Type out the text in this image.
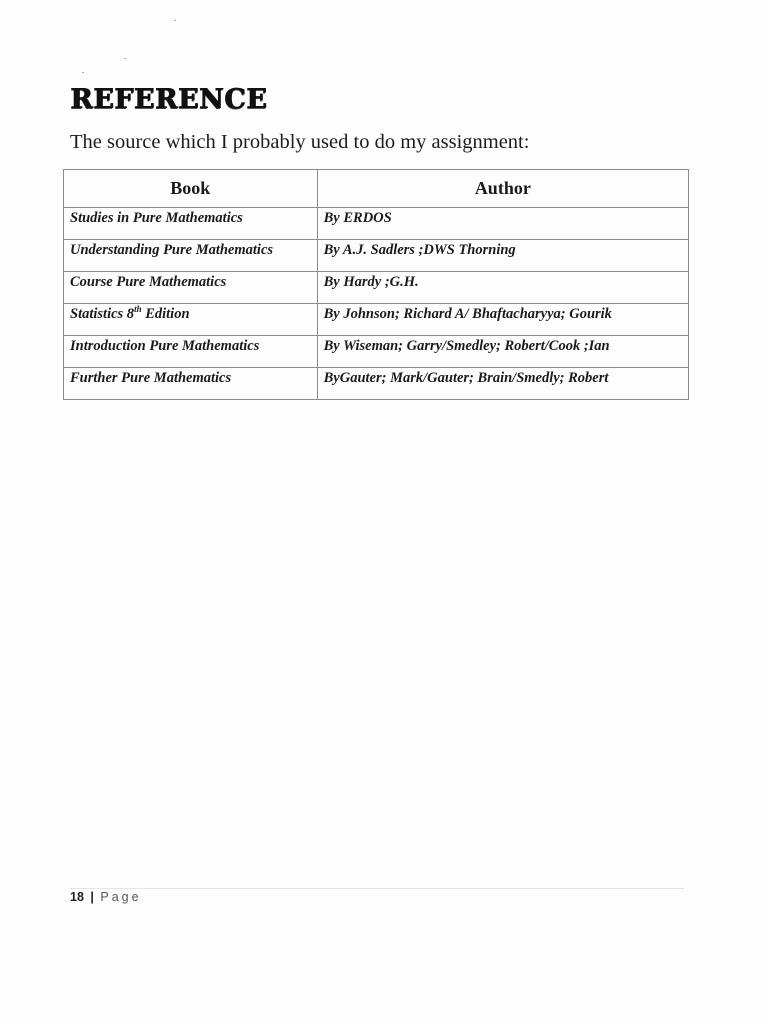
REFERENCE
The source which I probably used to do my assignment:
Book	Author
Studies in Pure Mathematics	By ERDOS
Understanding Pure Mathematics	By A.J. Sadlers ;DWS Thorning
Course Pure Mathematics	By Hardy ;G.H.
Statistics 8th Edition	By Johnson; Richard A/ Bhaftacharyya; Gourik
Introduction Pure Mathematics	By Wiseman; Garry/Smedley; Robert/Cook ;Ian
Further Pure Mathematics	ByGauter; Mark/Gauter; Brain/Smedly; Robert
18 | Page
